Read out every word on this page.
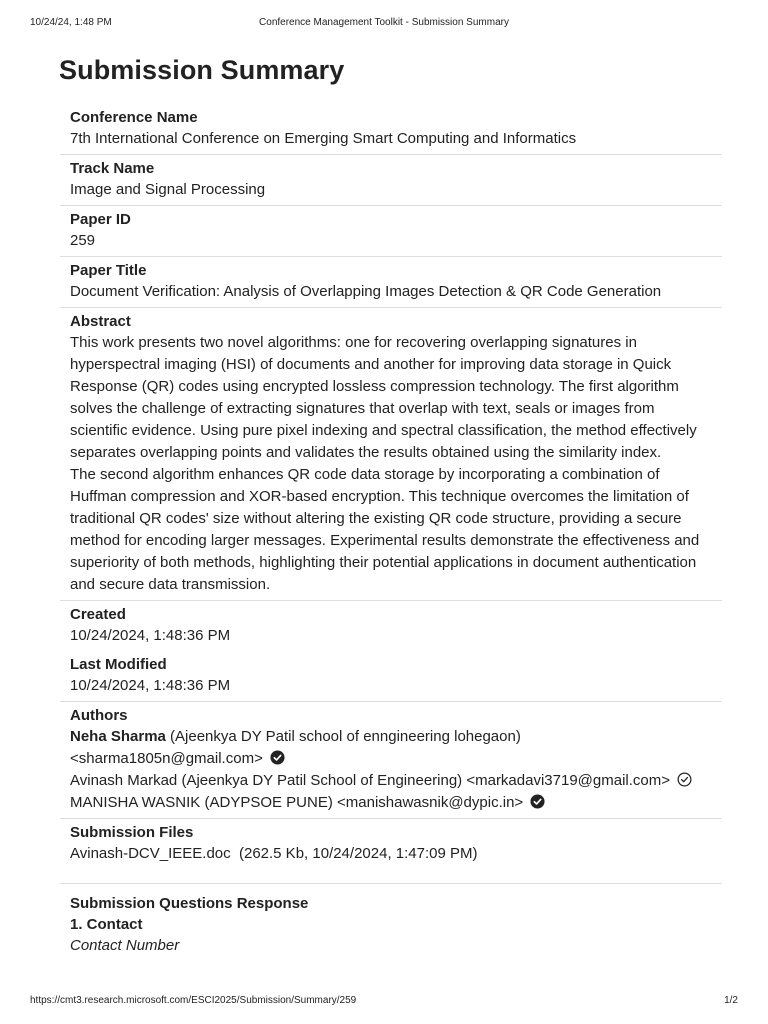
10/24/24, 1:48 PM	Conference Management Toolkit - Submission Summary
Submission Summary
Conference Name
7th International Conference on Emerging Smart Computing and Informatics
Track Name
Image and Signal Processing
Paper ID
259
Paper Title
Document Verification: Analysis of Overlapping Images Detection & QR Code Generation
Abstract
This work presents two novel algorithms: one for recovering overlapping signatures in hyperspectral imaging (HSI) of documents and another for improving data storage in Quick Response (QR) codes using encrypted lossless compression technology. The first algorithm solves the challenge of extracting signatures that overlap with text, seals or images from scientific evidence. Using pure pixel indexing and spectral classification, the method effectively separates overlapping points and validates the results obtained using the similarity index.
The second algorithm enhances QR code data storage by incorporating a combination of Huffman compression and XOR-based encryption. This technique overcomes the limitation of traditional QR codes' size without altering the existing QR code structure, providing a secure method for encoding larger messages. Experimental results demonstrate the effectiveness and superiority of both methods, highlighting their potential applications in document authentication and secure data transmission.
Created
10/24/2024, 1:48:36 PM
Last Modified
10/24/2024, 1:48:36 PM
Authors
Neha Sharma (Ajeenkya DY Patil school of enngineering lohegaon)
<sharma1805n@gmail.com>
Avinash Markad (Ajeenkya DY Patil School of Engineering) <markadavi3719@gmail.com>
MANISHA WASNIK (ADYPSOE PUNE) <manishawasnik@dypic.in>
Submission Files
Avinash-DCV_IEEE.doc (262.5 Kb, 10/24/2024, 1:47:09 PM)
Submission Questions Response
1. Contact
Contact Number
https://cmt3.research.microsoft.com/ESCI2025/Submission/Summary/259	1/2
